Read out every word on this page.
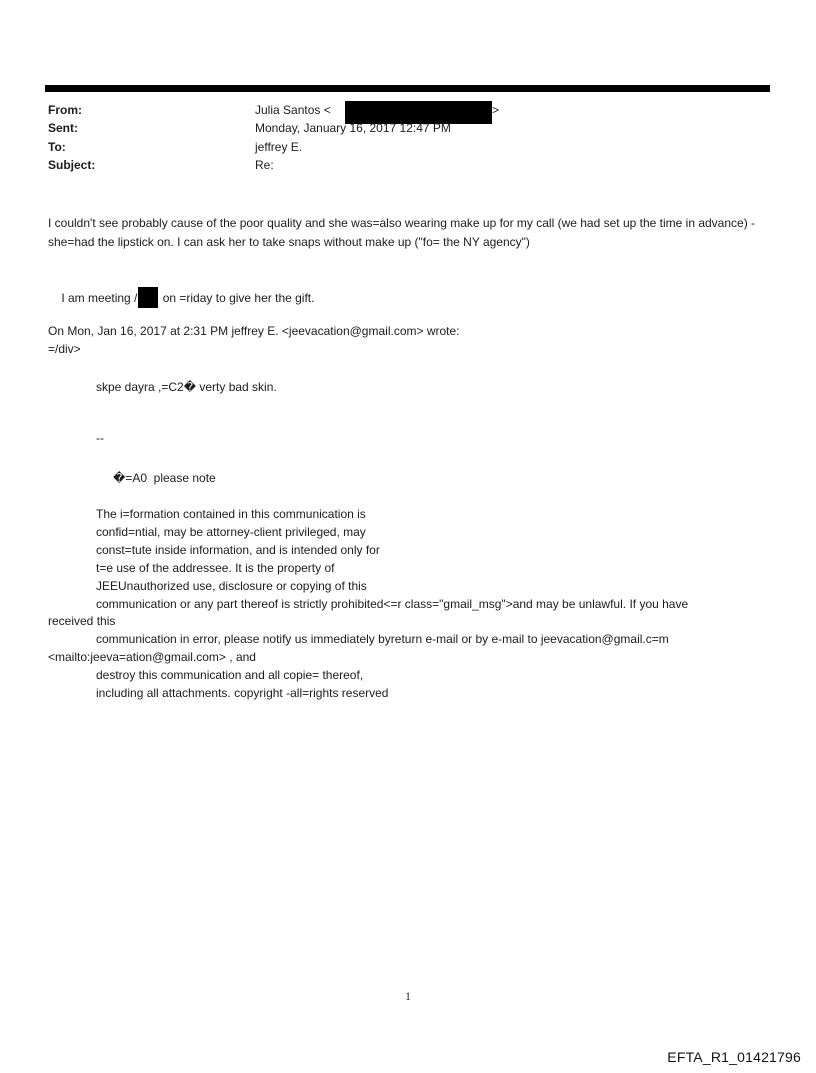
From:	Julia Santos <	>
Sent:	Monday, January 16, 2017 12:47 PM
To:	jeffrey E.
Subject:	Re:
I couldn't see probably cause of the poor quality and she was=also wearing make up for my call (we had set up the time in advance) - she=had the lipstick on. I can ask her to take snaps without make up ("fo= the NY agency")

I am meeting / on =riday to give her the gift.

On Mon, Jan 16, 2017 at 2:31 PM jeffrey E. <jeevacation@gmail.com> wrote:
=/div>
skpe dayra ,=C2� verty bad skin.
--
�=A0  please note
The i=formation contained in this communication is
confid=ntial, may be attorney-client privileged, may
const=tute inside information, and is intended only for
t=e use of the addressee. It is the property of
JEEUnauthorized use, disclosure or copying of this
communication or any part thereof is strictly prohibited<=r class="gmail_msg">and may be unlawful. If you have
received this
communication in error, please notify us immediately byreturn e-mail or by e-mail to jeevacation@gmail.c=m
<mailto:jeeva=ation@gmail.com> , and
destroy this communication and all copie= thereof,
including all attachments. copyright -all=rights reserved
1
EFTA_R1_01421796
